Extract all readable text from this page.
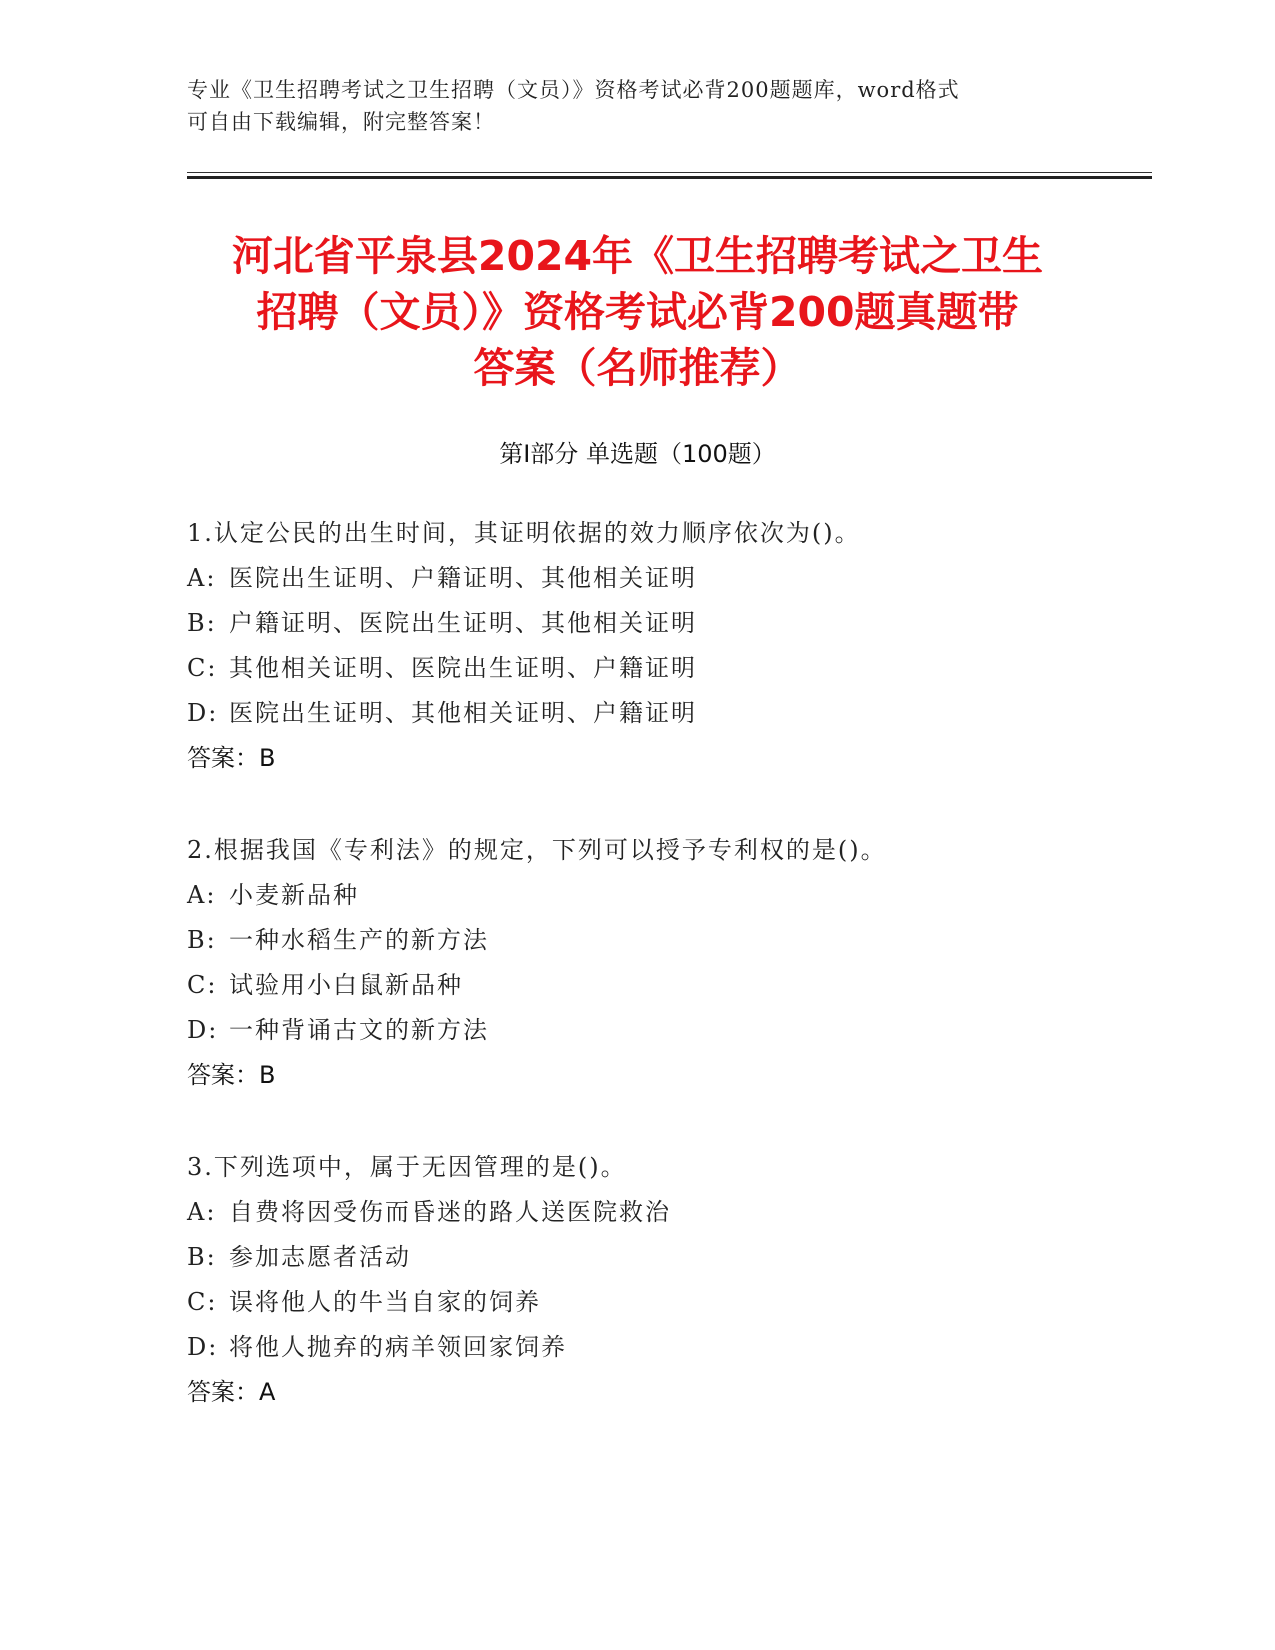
专业《卫生招聘考试之卫生招聘（文员）》资格考试必背200题题库，word格式
可自由下载编辑，附完整答案！
河北省平泉县2024年《卫生招聘考试之卫生
招聘（文员）》资格考试必背200题真题带
答案（名师推荐）
第Ⅰ部分 单选题（100题）
1.认定公民的出生时间，其证明依据的效力顺序依次为()。
A: 医院出生证明、户籍证明、其他相关证明
B: 户籍证明、医院出生证明、其他相关证明
C: 其他相关证明、医院出生证明、户籍证明
D: 医院出生证明、其他相关证明、户籍证明
答案：B
2.根据我国《专利法》的规定，下列可以授予专利权的是()。
A: 小麦新品种
B: 一种水稻生产的新方法
C: 试验用小白鼠新品种
D: 一种背诵古文的新方法
答案：B
3.下列选项中，属于无因管理的是()。
A: 自费将因受伤而昏迷的路人送医院救治
B: 参加志愿者活动
C: 误将他人的牛当自家的饲养
D: 将他人抛弃的病羊领回家饲养
答案：A
